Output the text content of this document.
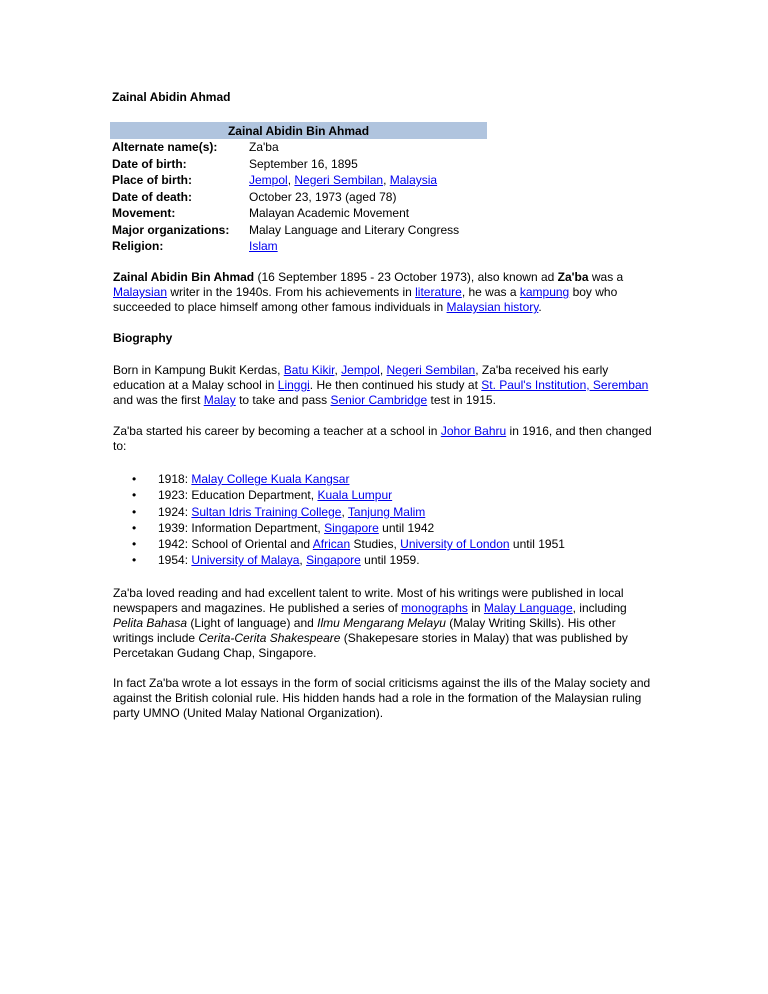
Zainal Abidin Ahmad
Zainal Abidin Bin Ahmad	
Alternate name(s):	Za'ba
Date of birth:	September 16, 1895
Place of birth:	Jempol, Negeri Sembilan, Malaysia
Date of death:	October 23, 1973 (aged 78)
Movement:	Malayan Academic Movement
Major organizations:	Malay Language and Literary Congress
Religion:	Islam

Zainal Abidin Bin Ahmad (16 September 1895 - 23 October 1973), also known ad Za'ba was a Malaysian writer in the 1940s. From his achievements in literature, he was a kampung boy who succeeded to place himself among other famous individuals in Malaysian history.

Biography

Born in Kampung Bukit Kerdas, Batu Kikir, Jempol, Negeri Sembilan, Za'ba received his early education at a Malay school in Linggi. He then continued his study at St. Paul's Institution, Seremban and was the first Malay to take and pass Senior Cambridge test in 1915.

Za'ba started his career by becoming a teacher at a school in Johor Bahru in 1916, and then changed to:

• 1918: Malay College Kuala Kangsar
• 1923: Education Department, Kuala Lumpur
• 1924: Sultan Idris Training College, Tanjung Malim
• 1939: Information Department, Singapore until 1942
• 1942: School of Oriental and African Studies, University of London until 1951
• 1954: University of Malaya, Singapore until 1959.

Za'ba loved reading and had excellent talent to write. Most of his writings were published in local newspapers and magazines. He published a series of monographs in Malay Language, including Pelita Bahasa (Light of language) and Ilmu Mengarang Melayu (Malay Writing Skills). His other writings include Cerita-Cerita Shakespeare (Shakepesare stories in Malay) that was published by Percetakan Gudang Chap, Singapore.

In fact Za'ba wrote a lot essays in the form of social criticisms against the ills of the Malay society and against the British colonial rule. His hidden hands had a role in the formation of the Malaysian ruling party UMNO (United Malay National Organization).
